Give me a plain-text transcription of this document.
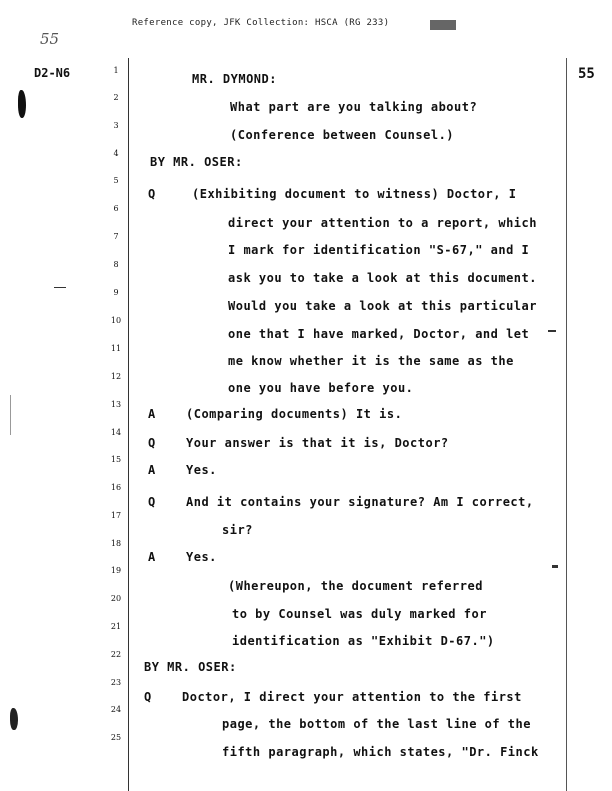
Reference copy, JFK Collection: HSCA (RG 233)
55
D2-N6	55
1
2
3
4
5
6
7
8
9
10
11
12
13
14
15
16
17
18
19
20
21
22
23
24
25
MR. DYMOND:
What part are you talking about?
(Conference between Counsel.)
BY MR. OSER:
Q	(Exhibiting document to witness) Doctor, I
direct your attention to a report, which
I mark for identification "S-67," and I
ask you to take a look at this document.
Would you take a look at this particular
one that I have marked, Doctor, and let
me know whether it is the same as the
one you have before you.
A	(Comparing documents) It is.
Q	Your answer is that it is, Doctor?
A	Yes.
Q	And it contains your signature? Am I correct,
sir?
A	Yes.
(Whereupon, the document referred
to by Counsel was duly marked for
identification as "Exhibit D-67.")
BY MR. OSER:
Q	Doctor, I direct your attention to the first
page, the bottom of the last line of the
fifth paragraph, which states, "Dr. Finck
